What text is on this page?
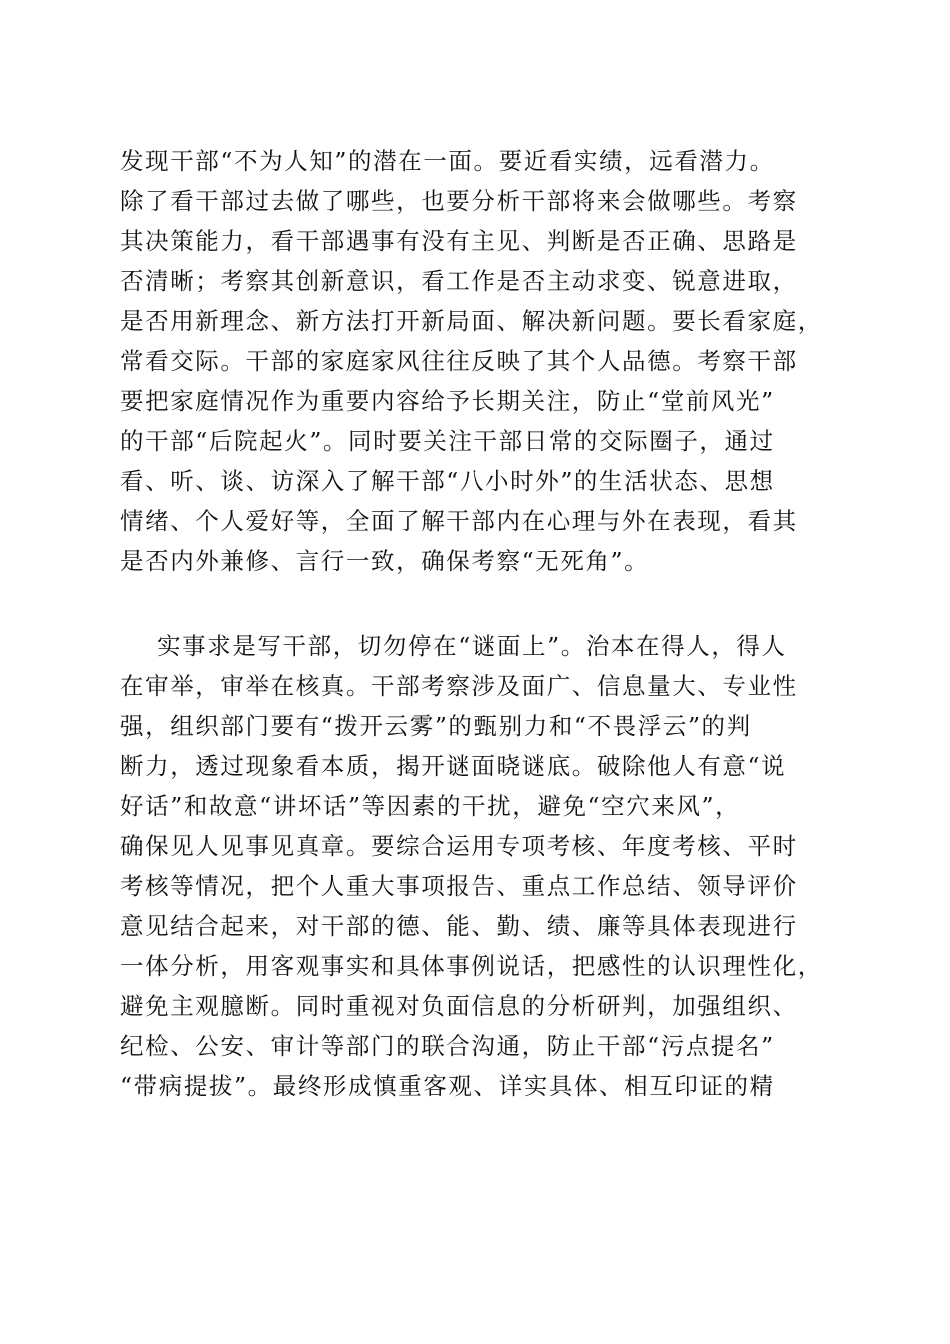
发现干部“不为人知”的潜在一面。要近看实绩，远看潜力。
除了看干部过去做了哪些，也要分析干部将来会做哪些。考察
其决策能力，看干部遇事有没有主见、判断是否正确、思路是
否清晰；考察其创新意识，看工作是否主动求变、锐意进取，
是否用新理念、新方法打开新局面、解决新问题。要长看家庭，
常看交际。干部的家庭家风往往反映了其个人品德。考察干部
要把家庭情况作为重要内容给予长期关注，防止“堂前风光”
的干部“后院起火”。同时要关注干部日常的交际圈子，通过
看、听、谈、访深入了解干部“八小时外”的生活状态、思想
情绪、个人爱好等，全面了解干部内在心理与外在表现，看其
是否内外兼修、言行一致，确保考察“无死角”。
实事求是写干部，切勿停在“谜面上”。治本在得人，得人
在审举，审举在核真。干部考察涉及面广、信息量大、专业性
强，组织部门要有“拨开云雾”的甄别力和“不畏浮云”的判
断力，透过现象看本质，揭开谜面晓谜底。破除他人有意“说
好话”和故意“讲坏话”等因素的干扰，避免“空穴来风”，
确保见人见事见真章。要综合运用专项考核、年度考核、平时
考核等情况，把个人重大事项报告、重点工作总结、领导评价
意见结合起来，对干部的德、能、勤、绩、廉等具体表现进行
一体分析，用客观事实和具体事例说话，把感性的认识理性化，
避免主观臆断。同时重视对负面信息的分析研判，加强组织、
纪检、公安、审计等部门的联合沟通，防止干部“污点提名”
“带病提拔”。最终形成慎重客观、详实具体、相互印证的精
